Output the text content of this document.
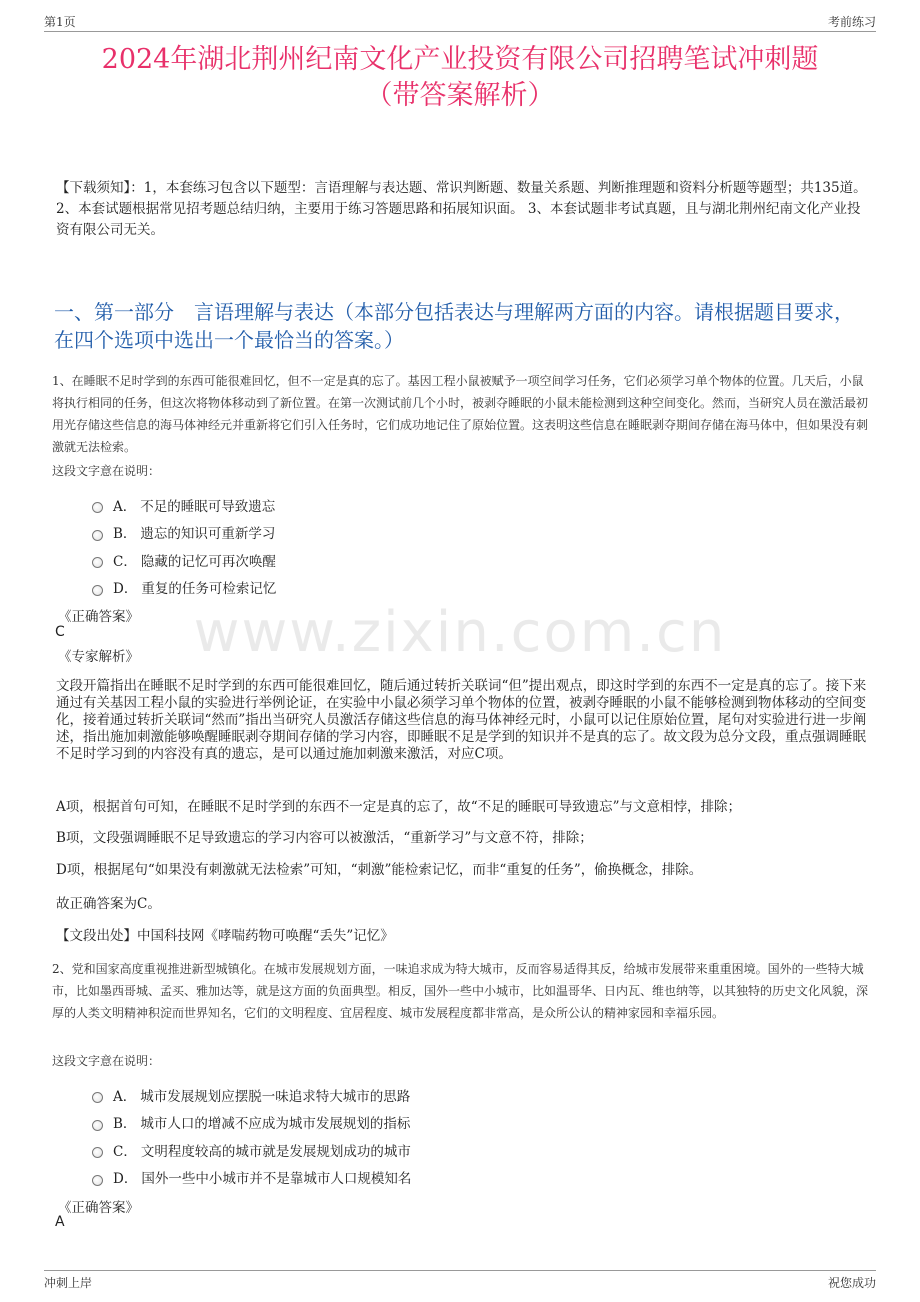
第1页	考前练习
2024年湖北荆州纪南文化产业投资有限公司招聘笔试冲刺题
（带答案解析）
【下载须知】：1，本套练习包含以下题型：言语理解与表达题、常识判断题、数量关系题、判断推理题和资料分析题等题型；共135道。 2、本套试题根据常见招考题总结归纳，主要用于练习答题思路和拓展知识面。 3、本套试题非考试真题，且与湖北荆州纪南文化产业投资有限公司无关。
一、第一部分　言语理解与表达（本部分包括表达与理解两方面的内容。请根据题目要求，在四个选项中选出一个最恰当的答案。）
1、在睡眠不足时学到的东西可能很难回忆，但不一定是真的忘了。基因工程小鼠被赋予一项空间学习任务，它们必须学习单个物体的位置。几天后，小鼠将执行相同的任务，但这次将物体移动到了新位置。在第一次测试前几个小时，被剥夺睡眠的小鼠未能检测到这种空间变化。然而，当研究人员在激活最初用光存储这些信息的海马体神经元并重新将它们引入任务时，它们成功地记住了原始位置。这表明这些信息在睡眠剥夺期间存储在海马体中，但如果没有刺激就无法检索。
这段文字意在说明：
A． 不足的睡眠可导致遗忘
B． 遗忘的知识可重新学习
C． 隐藏的记忆可再次唤醒
D． 重复的任务可检索记忆
《正确答案》
C
《专家解析》
文段开篇指出在睡眠不足时学到的东西可能很难回忆，随后通过转折关联词“但”提出观点，即这时学到的东西不一定是真的忘了。接下来通过有关基因工程小鼠的实验进行举例论证，在实验中小鼠必须学习单个物体的位置，被剥夺睡眠的小鼠不能够检测到物体移动的空间变化，接着通过转折关联词“然而”指出当研究人员激活存储这些信息的海马体神经元时，小鼠可以记住原始位置，尾句对实验进行进一步阐述，指出施加刺激能够唤醒睡眠剥夺期间存储的学习内容，即睡眠不足是学到的知识并不是真的忘了。故文段为总分文段，重点强调睡眠不足时学习到的内容没有真的遗忘，是可以通过施加刺激来激活，对应C项。
A项，根据首句可知，在睡眠不足时学到的东西不一定是真的忘了，故“不足的睡眠可导致遗忘”与文意相悖，排除；
B项，文段强调睡眠不足导致遗忘的学习内容可以被激活，“重新学习”与文意不符，排除；
D项，根据尾句“如果没有刺激就无法检索”可知，“刺激”能检索记忆，而非“重复的任务”，偷换概念，排除。
故正确答案为C。
【文段出处】中国科技网《哮喘药物可唤醒“丢失”记忆》
2、党和国家高度重视推进新型城镇化。在城市发展规划方面，一味追求成为特大城市，反而容易适得其反，给城市发展带来重重困境。国外的一些特大城市，比如墨西哥城、孟买、雅加达等，就是这方面的负面典型。相反，国外一些中小城市，比如温哥华、日内瓦、维也纳等，以其独特的历史文化风貌，深厚的人类文明精神积淀而世界知名，它们的文明程度、宜居程度、城市发展程度都非常高，是众所公认的精神家园和幸福乐园。
这段文字意在说明：
A． 城市发展规划应摆脱一味追求特大城市的思路
B． 城市人口的增减不应成为城市发展规划的指标
C． 文明程度较高的城市就是发展规划成功的城市
D． 国外一些中小城市并不是靠城市人口规模知名
《正确答案》
A
www.zixin.com.cn
冲刺上岸	祝您成功
